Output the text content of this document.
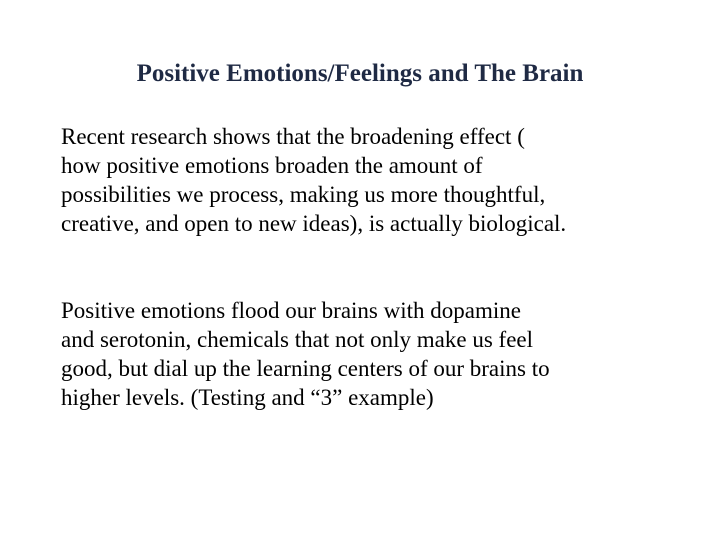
Positive Emotions/Feelings and The Brain

Recent research shows that the broadening effect (
how positive emotions broaden the amount of
possibilities we process, making us more thoughtful,
creative, and open to new ideas), is actually biological.

Positive emotions flood our brains with dopamine
and serotonin, chemicals that not only make us feel
good, but dial up the learning centers of our brains to
higher levels. (Testing and “3” example)
